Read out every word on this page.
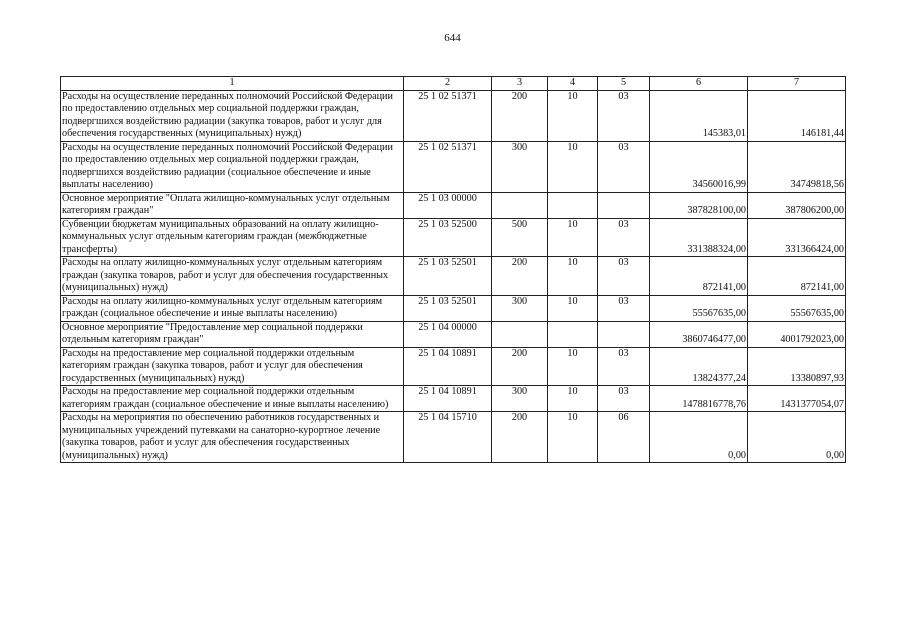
644
1	2	3	4	5	6	7
Расходы на осуществление переданных полномочий Российской Федерации по предоставлению отдельных мер социальной поддержки граждан, подвергшихся воздействию радиации (закупка товаров, работ и услуг для обеспечения государственных (муниципальных) нужд)	25 1 02 51371	200	10	03	145383,01	146181,44
Расходы на осуществление переданных полномочий Российской Федерации по предоставлению отдельных мер социальной поддержки граждан, подвергшихся воздействию радиации (социальное обеспечение и иные выплаты населению)	25 1 02 51371	300	10	03	34560016,99	34749818,56
Основное мероприятие "Оплата жилищно-коммунальных услуг отдельным категориям граждан"	25 1 03 00000				387828100,00	387806200,00
Субвенции бюджетам муниципальных образований на оплату жилищно-коммунальных услуг отдельным категориям граждан (межбюджетные трансферты)	25 1 03 52500	500	10	03	331388324,00	331366424,00
Расходы на оплату жилищно-коммунальных услуг отдельным категориям граждан (закупка товаров, работ и услуг для обеспечения государственных (муниципальных) нужд)	25 1 03 52501	200	10	03	872141,00	872141,00
Расходы на оплату жилищно-коммунальных услуг отдельным категориям граждан (социальное обеспечение и иные выплаты населению)	25 1 03 52501	300	10	03	55567635,00	55567635,00
Основное мероприятие "Предоставление мер социальной поддержки отдельным категориям граждан"	25 1 04 00000				3860746477,00	4001792023,00
Расходы на предоставление мер социальной поддержки отдельным категориям граждан (закупка товаров, работ и услуг для обеспечения государственных (муниципальных) нужд)	25 1 04 10891	200	10	03	13824377,24	13380897,93
Расходы на предоставление мер социальной поддержки отдельным категориям граждан (социальное обеспечение и иные выплаты населению)	25 1 04 10891	300	10	03	1478816778,76	1431377054,07
Расходы на мероприятия по обеспечению работников государственных и муниципальных учреждений путевками на санаторно-курортное лечение (закупка товаров, работ и услуг для обеспечения государственных (муниципальных) нужд)	25 1 04 15710	200	10	06	0,00	0,00
